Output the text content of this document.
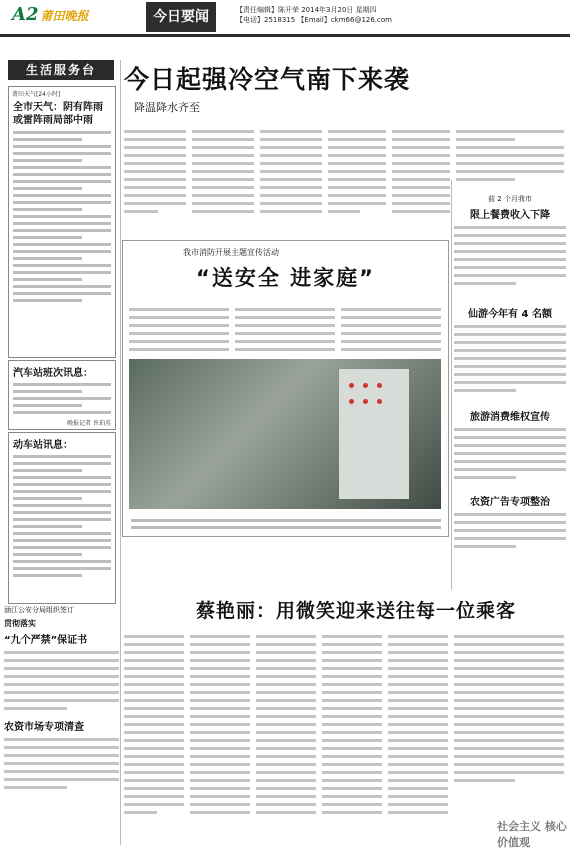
A2 莆田晚报	今日要闻	【责任编辑】陈开荣 2014年3月20日 星期四
【电话】2518315 【Email】ckm66@126.com
生活服务台
莆田天气[24小时]
全市天气：阴有阵雨或雷阵雨局部中雨
汽车站班次讯息：
晚报记者 许珀英
动车站讯息：
今日起强冷空气南下来袭
降温降水齐至
前 2 个月我市
限上餐费收入下降
仙游今年有 4 名额
旅游消费维权宣传
农资广告专项整治
我市消防开展主题宣传活动
“送安全 进家庭”
涵江公安分局组织签订
贯彻落实
“九个严禁”保证书
农资市场专项清查
蔡艳丽：用微笑迎来送往每一位乘客
社会主义 核心价值观
